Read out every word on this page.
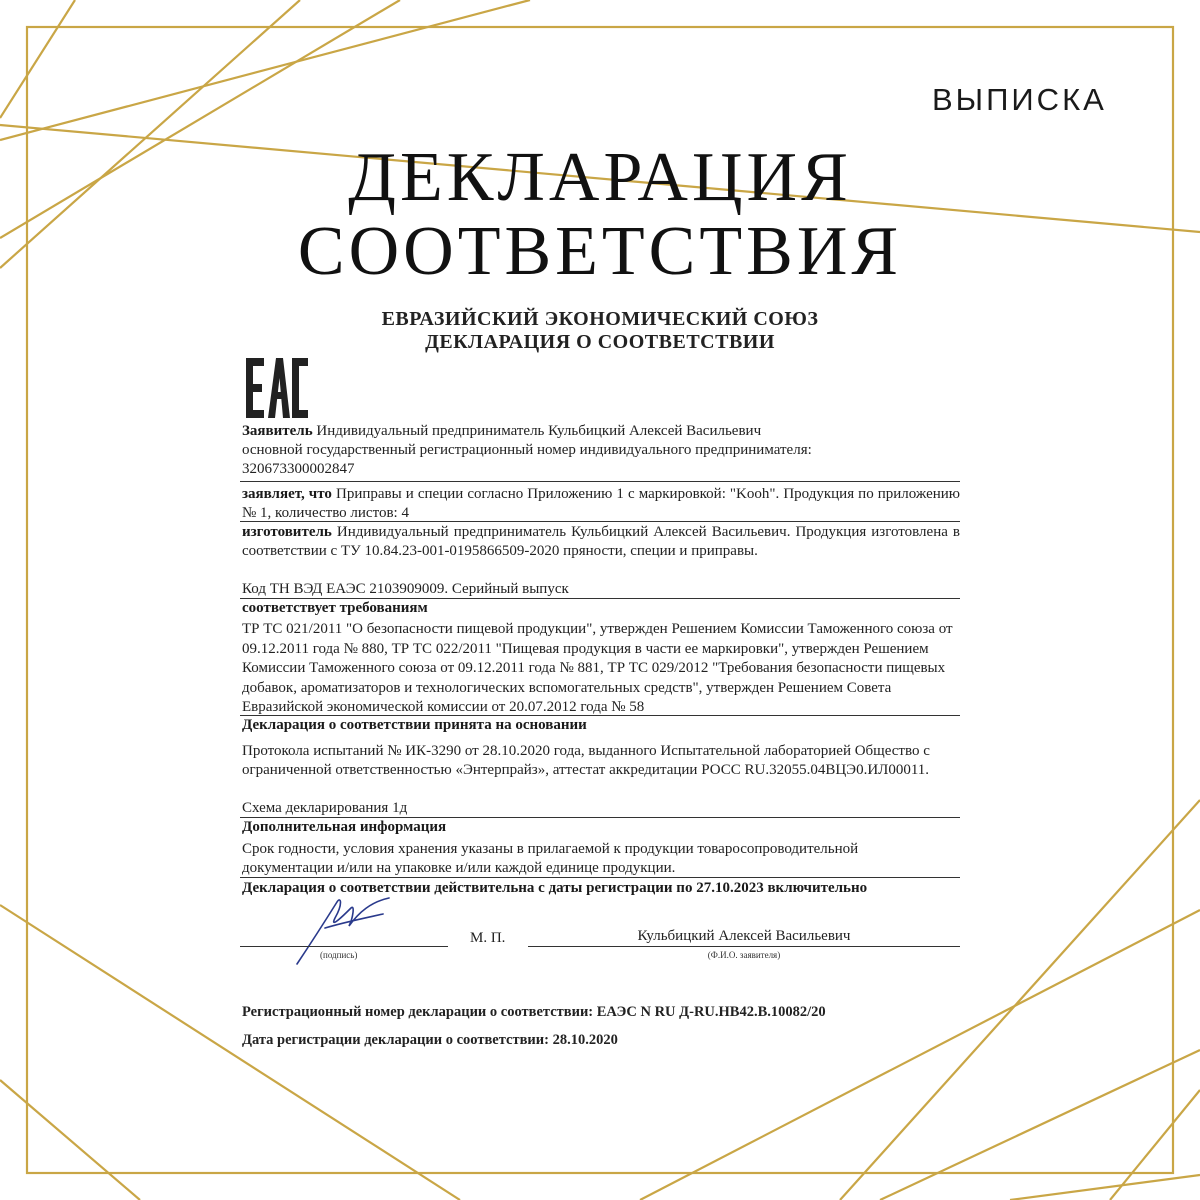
ВЫПИСКА
ДЕКЛАРАЦИЯ
СООТВЕТСТВИЯ
ЕВРАЗИЙСКИЙ ЭКОНОМИЧЕСКИЙ СОЮЗ
ДЕКЛАРАЦИЯ О СООТВЕТСТВИИ
Заявитель Индивидуальный предприниматель Кульбицкий Алексей Васильевич
основной государственный регистрационный номер индивидуального предпринимателя:
320673300002847
заявляет, что Приправы и специи согласно Приложению 1 с маркировкой: "Kooh". Продукция по приложению № 1, количество листов: 4
изготовитель Индивидуальный предприниматель Кульбицкий Алексей Васильевич. Продукция изготовлена в соответствии с ТУ 10.84.23-001-0195866509-2020 пряности, специи и приправы.
Код ТН ВЭД ЕАЭС 2103909009. Серийный выпуск
соответствует требованиям
ТР ТС 021/2011 "О безопасности пищевой продукции", утвержден Решением Комиссии Таможенного союза от 09.12.2011 года № 880, ТР ТС 022/2011 "Пищевая продукция в части ее маркировки", утвержден Решением Комиссии Таможенного союза от 09.12.2011 года № 881, ТР ТС 029/2012 "Требования безопасности пищевых добавок, ароматизаторов и технологических вспомогательных средств", утвержден Решением Совета Евразийской экономической комиссии от 20.07.2012 года № 58
Декларация о соответствии принята на основании
Протокола испытаний № ИК-3290 от 28.10.2020 года, выданного Испытательной лабораторией Общество с ограниченной ответственностью «Энтерпрайз», аттестат аккредитации РОСС RU.32055.04ВЦЭ0.ИЛ00011.
Схема декларирования 1д
Дополнительная информация
Срок годности, условия хранения указаны в прилагаемой к продукции товаросопроводительной документации и/или на упаковке и/или каждой единице продукции.
Декларация о соответствии действительна с даты регистрации по 27.10.2023 включительно
(подпись)
М. П.	Кульбицкий Алексей Васильевич
(Ф.И.О. заявителя)
Регистрационный номер декларации о соответствии: ЕАЭС N RU Д-RU.НВ42.В.10082/20
Дата регистрации декларации о соответствии: 28.10.2020
